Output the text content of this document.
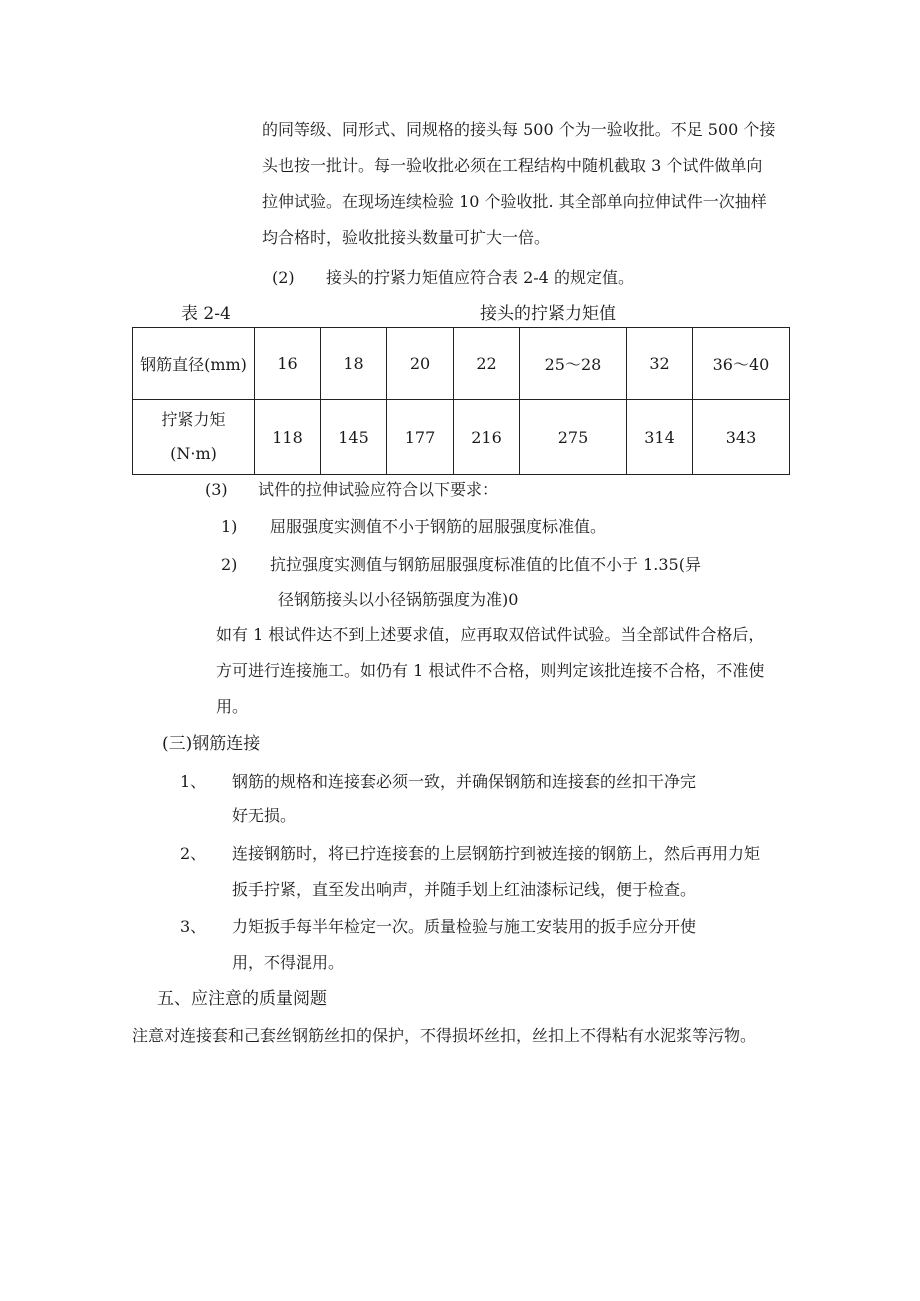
的同等级、同形式、同规格的接头每 500 个为一验收批。不足 500 个接
头也按一批计。每一验收批必须在工程结构中随机截取 3 个试件做单向
拉伸试验。在现场连续检验 10 个验收批. 其全部单向拉伸试件一次抽样
均合格时，验收批接头数量可扩大一倍。
(2) 接头的拧紧力矩值应符合表 2-4 的规定值。
表 2-4	接头的拧紧力矩值
钢筋直径(mm)	16	18	20	22	25～28	32	36～40

拧紧力矩
(N·m)	118	145	177	216	275	314	343
(3) 试件的拉伸试验应符合以下要求：
1) 屈服强度实测值不小于钢筋的屈服强度标准值。
2) 抗拉强度实测值与钢筋屈服强度标准值的比值不小于 1.35(异
径钢筋接头以小径锅筋强度为准)0
如有 1 根试件达不到上述要求值，应再取双倍试件试验。当全部试件合格后，
方可进行连接施工。如仍有 1 根试件不合格，则判定该批连接不合格，不准使
用。
(三)钢筋连接
1、 钢筋的规格和连接套必须一致，并确保钢筋和连接套的丝扣干净完
好无损。
2、 连接钢筋时，将已拧连接套的上层钢筋拧到被连接的钢筋上，然后再用力矩
扳手拧紧，直至发出响声，并随手划上红油漆标记线，便于检查。
3、 力矩扳手每半年检定一次。质量检验与施工安装用的扳手应分开使
用，不得混用。
五、应注意的质量阅题
注意对连接套和己套丝钢筋丝扣的保护，不得损坏丝扣，丝扣上不得粘有水泥浆等污物。
